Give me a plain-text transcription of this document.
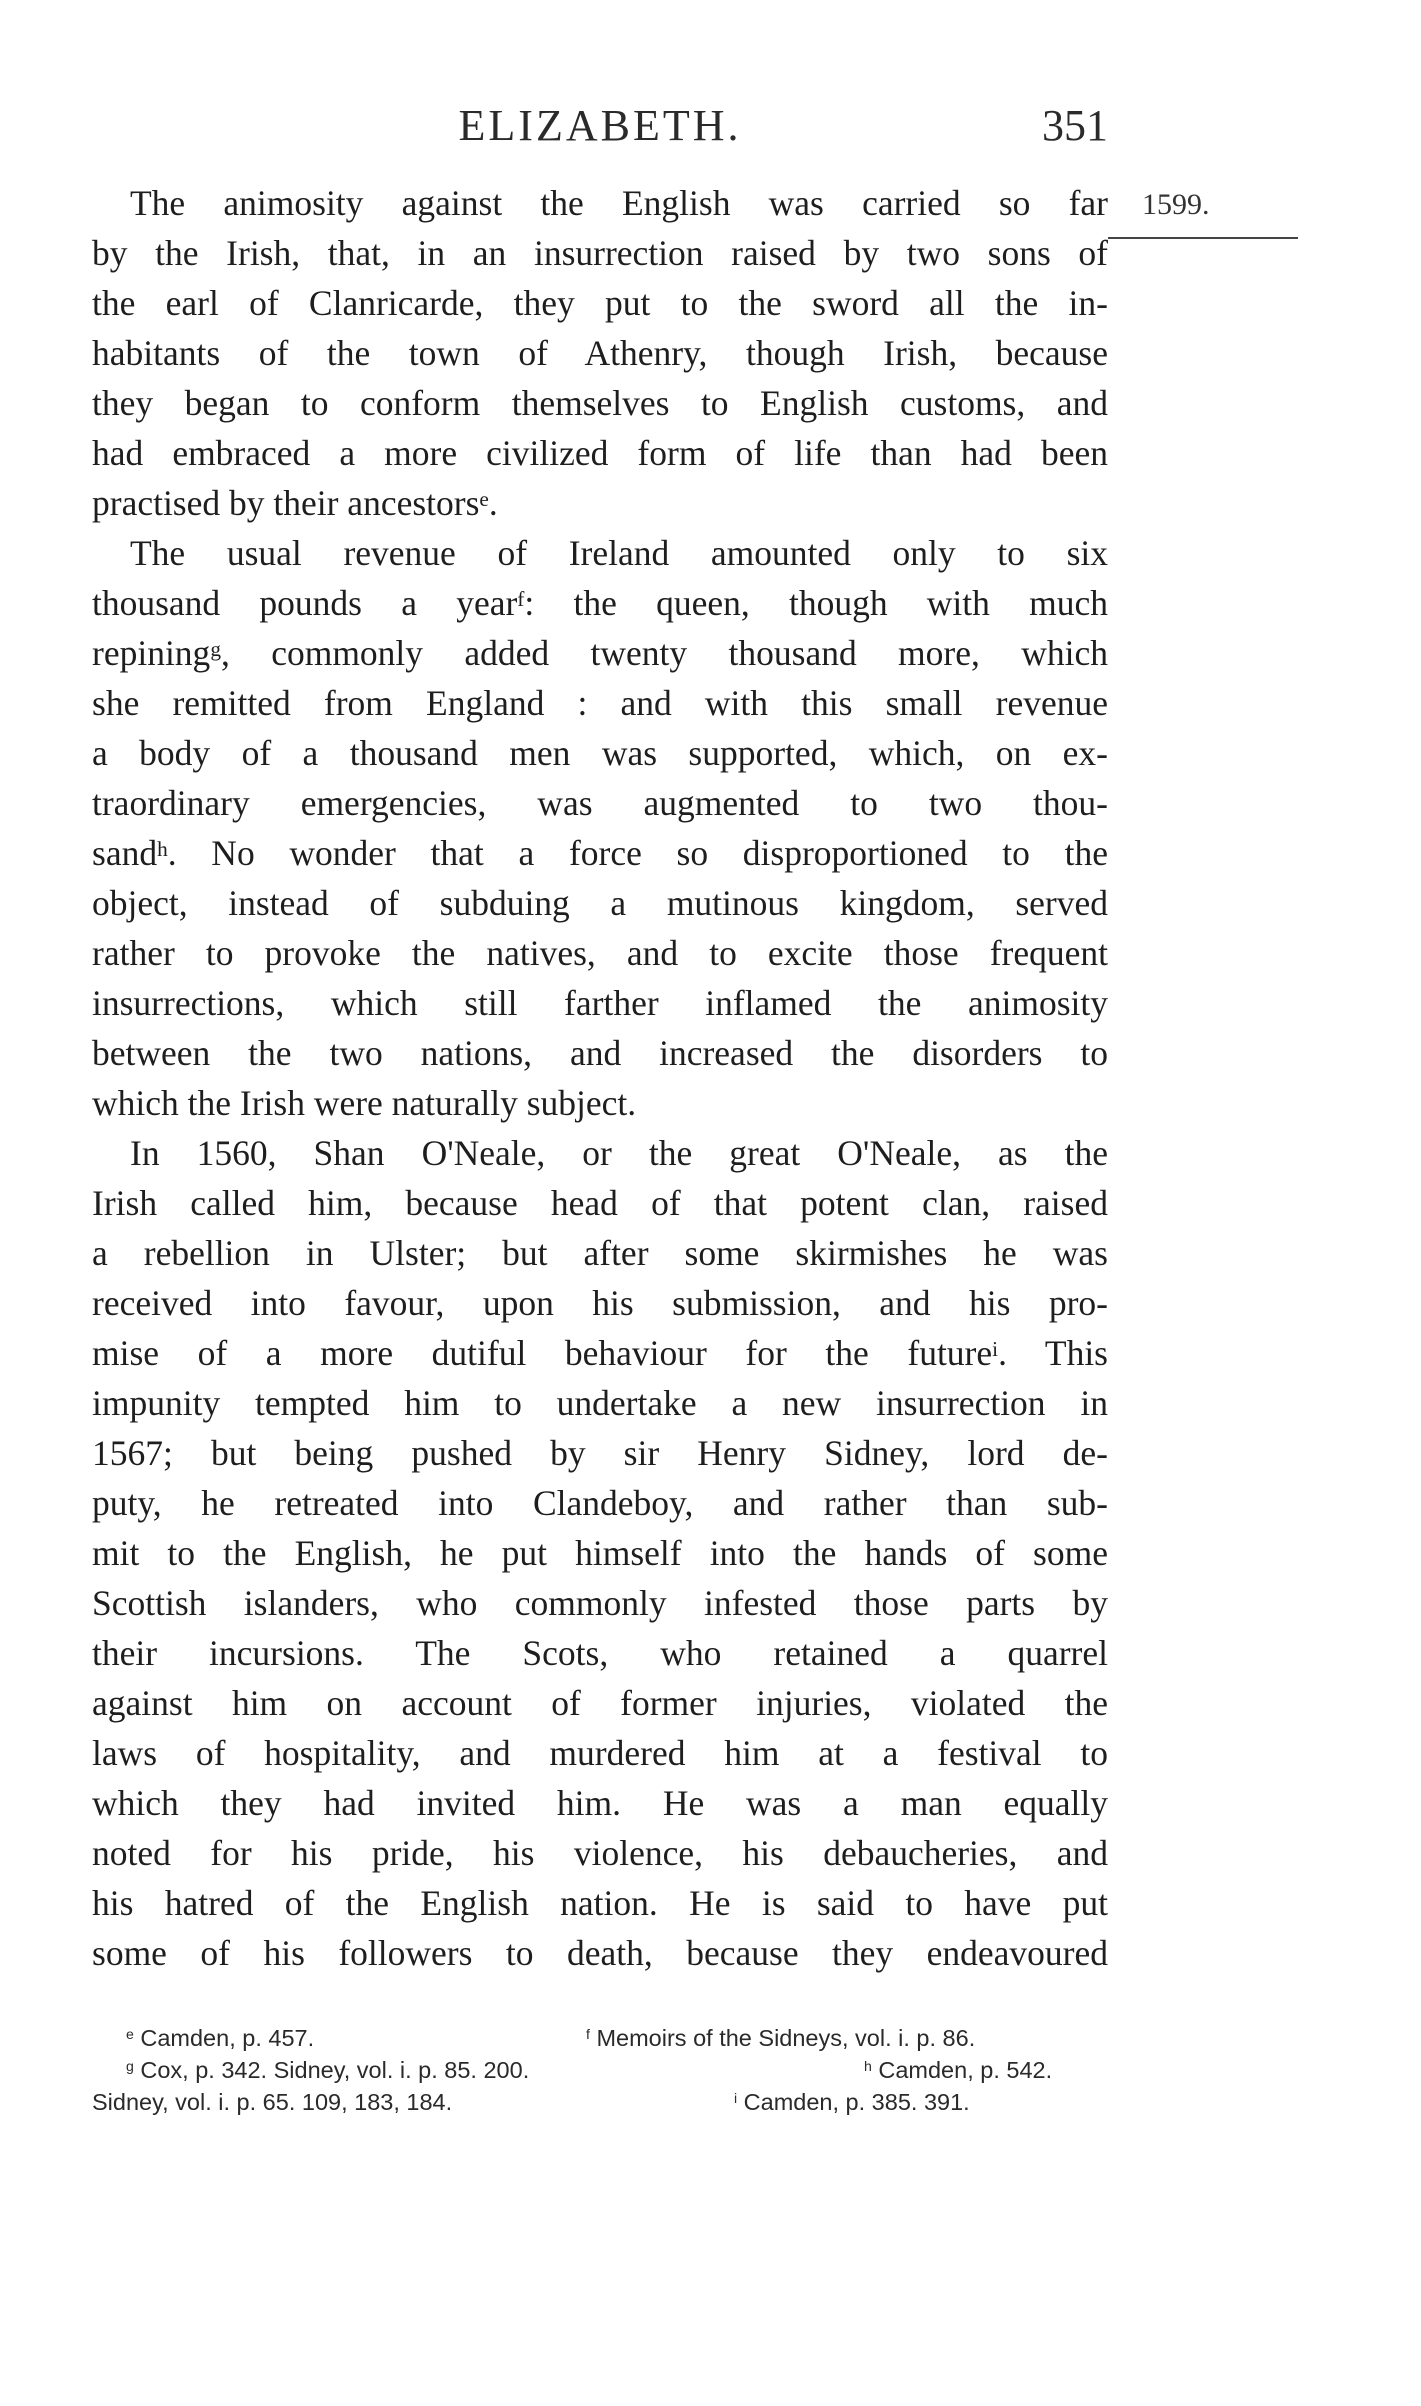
ELIZABETH.	351
1599.
The animosity against the English was carried so far
by the Irish, that, in an insurrection raised by two sons of
the earl of Clanricarde, they put to the sword all the in-
habitants of the town of Athenry, though Irish, because
they began to conform themselves to English customs, and
had embraced a more civilized form of life than had been
practised by their ancestors$^e$.
The usual revenue of Ireland amounted only to six
thousand pounds a year$^f$: the queen, though with much
repining$^g$, commonly added twenty thousand more, which
she remitted from England : and with this small revenue
a body of a thousand men was supported, which, on ex-
traordinary emergencies, was augmented to two thou-
sand$^h$. No wonder that a force so disproportioned to the
object, instead of subduing a mutinous kingdom, served
rather to provoke the natives, and to excite those frequent
insurrections, which still farther inflamed the animosity
between the two nations, and increased the disorders to
which the Irish were naturally subject.
In 1560, Shan O'Neale, or the great O'Neale, as the
Irish called him, because head of that potent clan, raised
a rebellion in Ulster; but after some skirmishes he was
received into favour, upon his submission, and his pro-
mise of a more dutiful behaviour for the future$^i$. This
impunity tempted him to undertake a new insurrection in
1567; but being pushed by sir Henry Sidney, lord de-
puty, he retreated into Clandeboy, and rather than sub-
mit to the English, he put himself into the hands of some
Scottish islanders, who commonly infested those parts by
their incursions. The Scots, who retained a quarrel
against him on account of former injuries, violated the
laws of hospitality, and murdered him at a festival to
which they had invited him. He was a man equally
noted for his pride, his violence, his debaucheries, and
his hatred of the English nation. He is said to have put
some of his followers to death, because they endeavoured
$^e$ Camden, p. 457.	$^f$ Memoirs of the Sidneys, vol. i. p. 86.
$^g$ Cox, p. 342. Sidney, vol. i. p. 85. 200.	$^h$ Camden, p. 542.
Sidney, vol. i. p. 65. 109, 183, 184.	$^i$ Camden, p. 385. 391.
